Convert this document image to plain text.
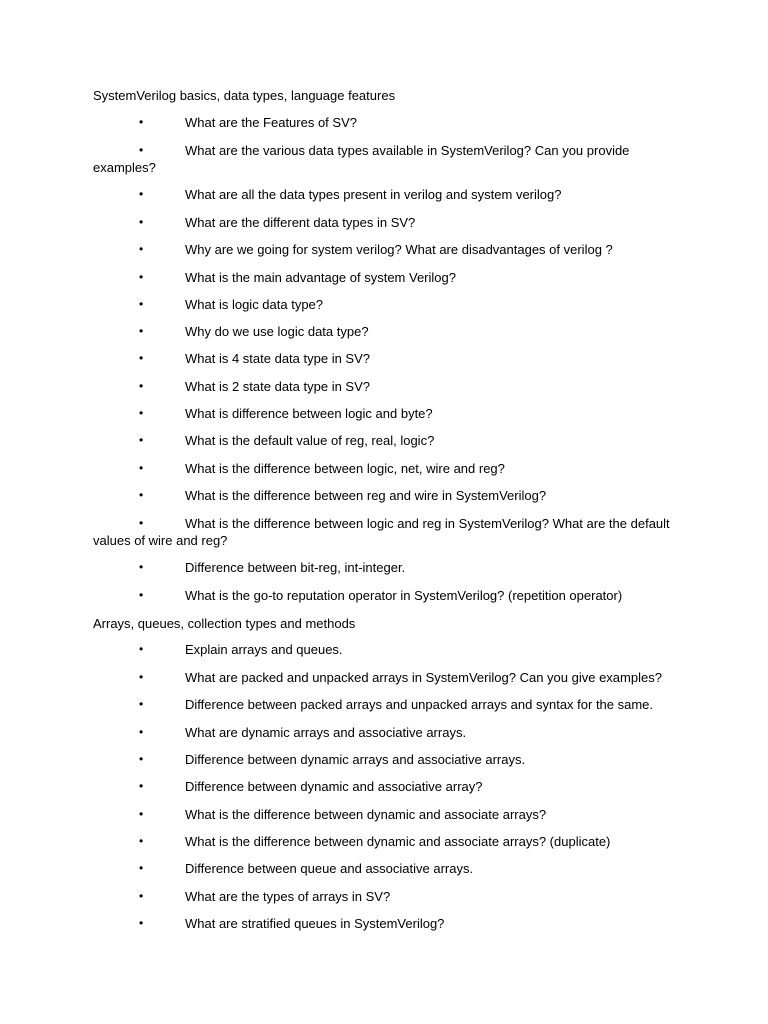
SystemVerilog basics, data types, language features
•	What are the Features of SV?
•	What are the various data types available in SystemVerilog? Can you provide examples?
•	What are all the data types present in verilog and system verilog?
•	What are the different data types in SV?
•	Why are we going for system verilog? What are disadvantages of verilog ?
•	What is the main advantage of system Verilog?
•	What is logic data type?
•	Why do we use logic data type?
•	What is 4 state data type in SV?
•	What is 2 state data type in SV?
•	What is difference between logic and byte?
•	What is the default value of reg, real, logic?
•	What is the difference between logic, net, wire and reg?
•	What is the difference between reg and wire in SystemVerilog?
•	What is the difference between logic and reg in SystemVerilog? What are the default values of wire and reg?
•	Difference between bit-reg, int-integer.
•	What is the go-to reputation operator in SystemVerilog? (repetition operator)
Arrays, queues, collection types and methods
•	Explain arrays and queues.
•	What are packed and unpacked arrays in SystemVerilog? Can you give examples?
•	Difference between packed arrays and unpacked arrays and syntax for the same.
•	What are dynamic arrays and associative arrays.
•	Difference between dynamic arrays and associative arrays.
•	Difference between dynamic and associative array?
•	What is the difference between dynamic and associate arrays?
•	What is the difference between dynamic and associate arrays? (duplicate)
•	Difference between queue and associative arrays.
•	What are the types of arrays in SV?
•	What are stratified queues in SystemVerilog?
